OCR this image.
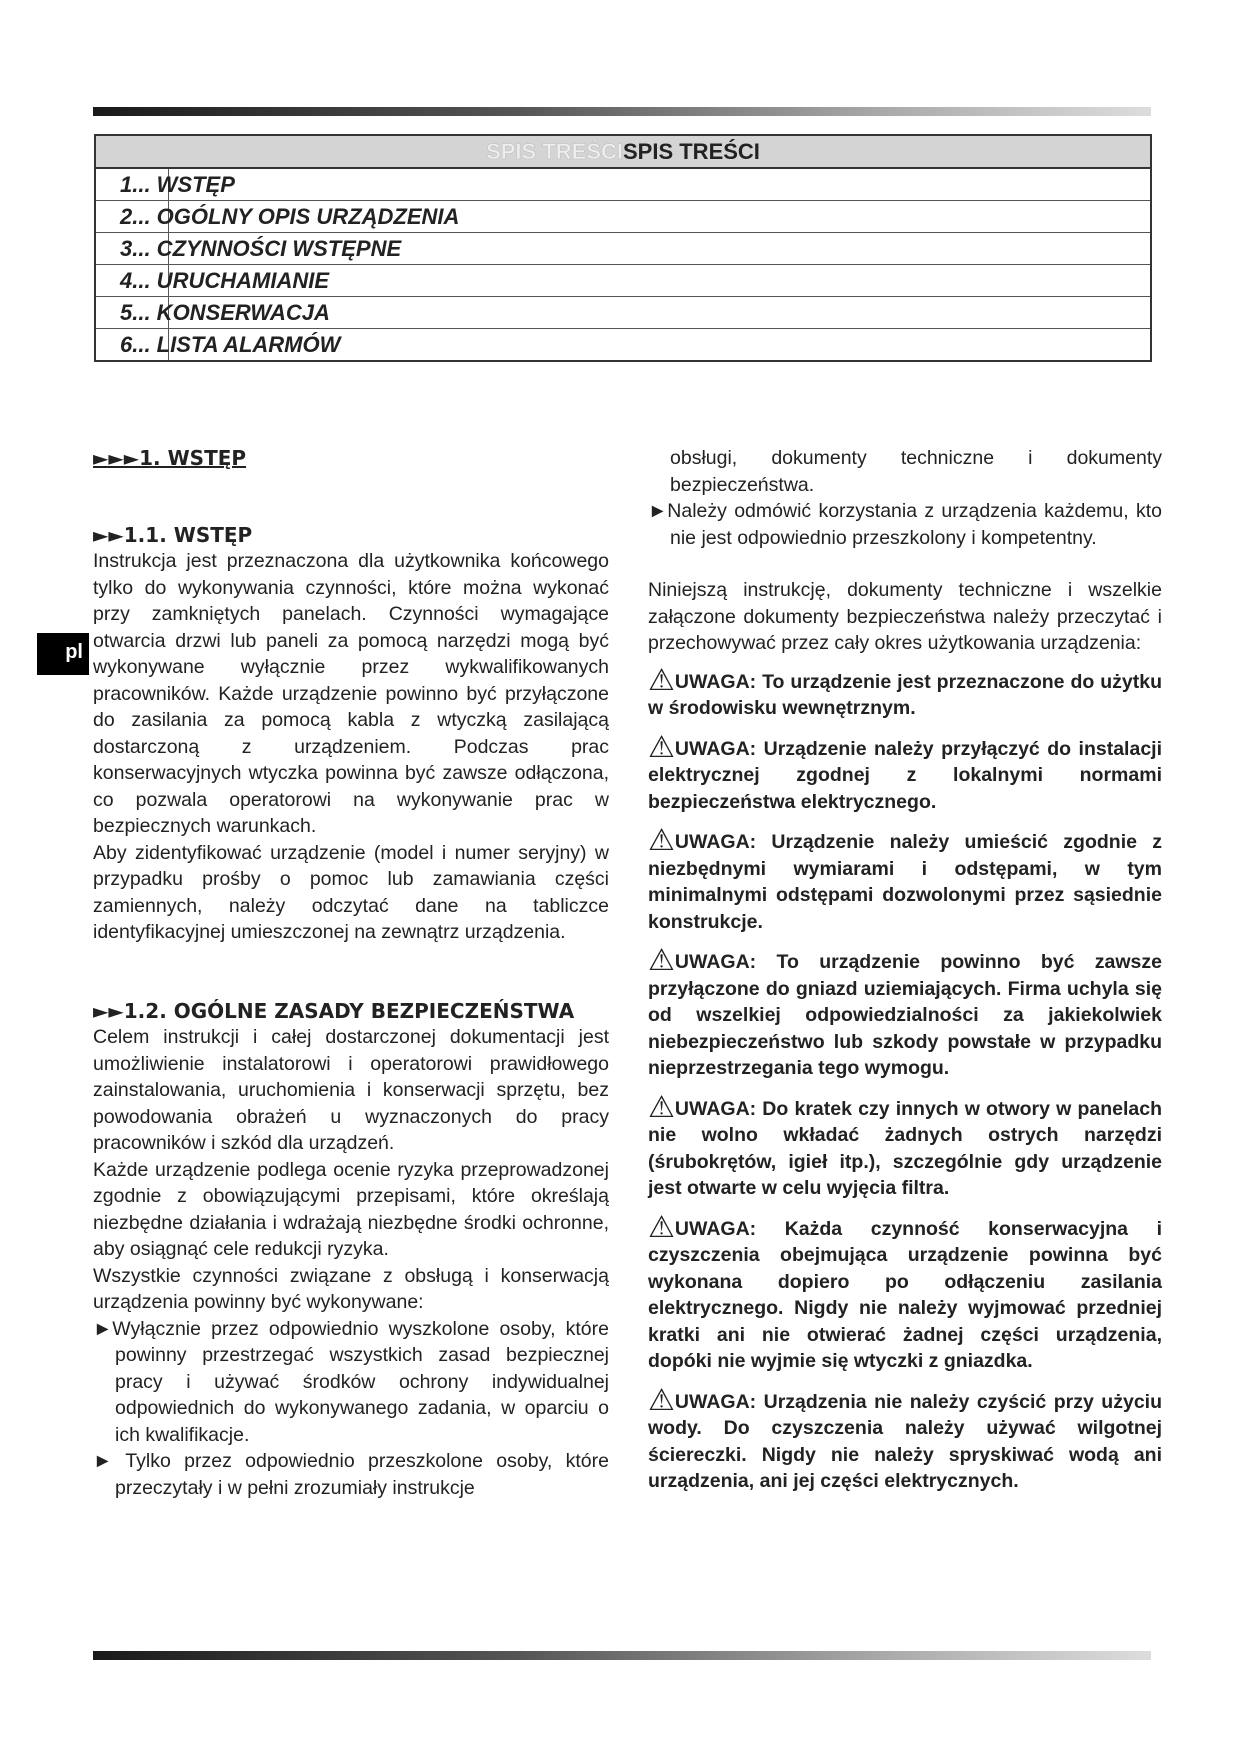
SPIS TREŚCISPIS TREŚCI
1... WSTĘP
2... OGÓLNY OPIS URZĄDZENIA
3... CZYNNOŚCI WSTĘPNE
4... URUCHAMIANIE
5... KONSERWACJA
6... LISTA ALARMÓW
pl

►►►1. WSTĘP

►►1.1. WSTĘP

Instrukcja jest przeznaczona dla użytkownika końcowego tylko do wykonywania czynności, które można wykonać przy zamkniętych panelach. Czynności wymagające otwarcia drzwi lub paneli za pomocą narzędzi mogą być wykonywane wyłącznie przez wykwalifikowanych pracowników. Każde urządzenie powinno być przyłączone do zasilania za pomocą kabla z wtyczką zasilającą dostarczoną z urządzeniem. Podczas prac konserwacyjnych wtyczka powinna być zawsze odłączona, co pozwala operatorowi na wykonywanie prac w bezpiecznych warunkach.

Aby zidentyfikować urządzenie (model i numer seryjny) w przypadku prośby o pomoc lub zamawiania części zamiennych, należy odczytać dane na tabliczce identyfikacyjnej umieszczonej na zewnątrz urządzenia.

►►1.2. OGÓLNE ZASADY BEZPIECZEŃSTWA

Celem instrukcji i całej dostarczonej dokumentacji jest umożliwienie instalatorowi i operatorowi prawidłowego zainstalowania, uruchomienia i konserwacji sprzętu, bez powodowania obrażeń u wyznaczonych do pracy pracowników i szkód dla urządzeń.

Każde urządzenie podlega ocenie ryzyka przeprowadzonej zgodnie z obowiązującymi przepisami, które określają niezbędne działania i wdrażają niezbędne środki ochronne, aby osiągnąć cele redukcji ryzyka.

Wszystkie czynności związane z obsługą i konserwacją urządzenia powinny być wykonywane:

►Wyłącznie przez odpowiednio wyszkolone osoby, które powinny przestrzegać wszystkich zasad bezpiecznej pracy i używać środków ochrony indywidualnej odpowiednich do wykonywanego zadania, w oparciu o ich kwalifikacje.

► Tylko przez odpowiednio przeszkolone osoby, które przeczytały i w pełni zrozumiały instrukcje

obsługi, dokumenty techniczne i dokumenty bezpieczeństwa.

►Należy odmówić korzystania z urządzenia każdemu, kto nie jest odpowiednio przeszkolony i kompetentny.

Niniejszą instrukcję, dokumenty techniczne i wszelkie załączone dokumenty bezpieczeństwa należy przeczytać i przechowywać przez cały okres użytkowania urządzenia:

⚠UWAGA: To urządzenie jest przeznaczone do użytku w środowisku wewnętrznym.

⚠UWAGA: Urządzenie należy przyłączyć do instalacji elektrycznej zgodnej z lokalnymi normami bezpieczeństwa elektrycznego.

⚠UWAGA: Urządzenie należy umieścić zgodnie z niezbędnymi wymiarami i odstępami, w tym minimalnymi odstępami dozwolonymi przez sąsiednie konstrukcje.

⚠UWAGA: To urządzenie powinno być zawsze przyłączone do gniazd uziemiających. Firma uchyla się od wszelkiej odpowiedzialności za jakiekolwiek niebezpieczeństwo lub szkody powstałe w przypadku nieprzestrzegania tego wymogu.

⚠UWAGA: Do kratek czy innych w otwory w panelach nie wolno wkładać żadnych ostrych narzędzi (śrubokrętów, igieł itp.), szczególnie gdy urządzenie jest otwarte w celu wyjęcia filtra.

⚠UWAGA: Każda czynność konserwacyjna i czyszczenia obejmująca urządzenie powinna być wykonana dopiero po odłączeniu zasilania elektrycznego. Nigdy nie należy wyjmować przedniej kratki ani nie otwierać żadnej części urządzenia, dopóki nie wyjmie się wtyczki z gniazdka.

⚠UWAGA: Urządzenia nie należy czyścić przy użyciu wody. Do czyszczenia należy używać wilgotnej ściereczki. Nigdy nie należy spryskiwać wodą ani urządzenia, ani jej części elektrycznych.
